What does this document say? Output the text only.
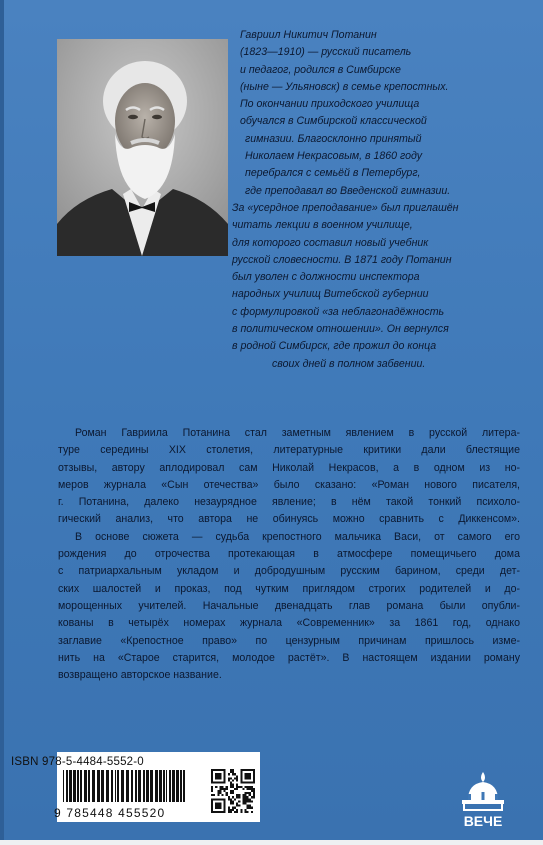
Гавриил Никитич Потанин
(1823—1910) — русский писатель
и педагог, родился в Симбирске
(ныне — Ульяновск) в семье крепостных.
По окончании приходского училища
обучался в Симбирской классической
гимназии. Благосклонно принятый
Николаем Некрасовым, в 1860 году
перебрался с семьёй в Петербург,
где преподавал во Введенской гимназии.
За «усердное преподавание» был приглашён
читать лекции в военном училище,
для которого составил новый учебник
русской словесности. В 1871 году Потанин
был уволен с должности инспектора
народных училищ Витебской губернии
с формулировкой «за неблагонадёжность
в политическом отношении». Он вернулся
в родной Симбирск, где прожил до конца
своих дней в полном забвении.
Роман Гавриила Потанина стал заметным явлением в русской литера-
туре середины XIX столетия, литературные критики дали блестящие
отзывы, автору аплодировал сам Николай Некрасов, а в одном из но-
меров журнала «Сын отечества» было сказано: «Роман нового писателя,
г. Потанина, далеко незаурядное явление; в нём такой тонкий психоло-
гический анализ, что автора не обинуясь можно сравнить с Диккенсом».
В основе сюжета — судьба крепостного мальчика Васи, от самого его
рождения до отрочества протекающая в атмосфере помещичьего дома
с патриархальным укладом и добродушным русским барином, среди дет-
ских шалостей и проказ, под чутким приглядом строгих родителей и до-
морощенных учителей. Начальные двенадцать глав романа были опубли-
кованы в четырёх номерах журнала «Современник» за 1861 год, однако
заглавие «Крепостное право» по цензурным причинам пришлось изме-
нить на «Старое старится, молодое растёт». В настоящем издании роману
возвращено авторское название.
ISBN 978-5-4484-5552-0
9 785448 455520	ВЕЧЕ
